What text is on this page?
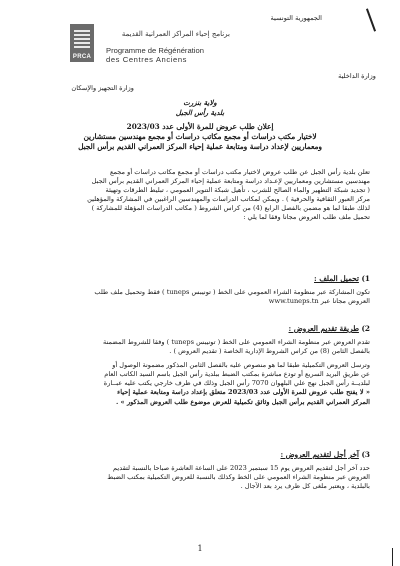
الجمهورية التونسية
PRCA
برنامج إحياء المراكز العمرانية القديمة
Programme de Régénération
des Centres Anciens
وزارة الداخلية
وزارة التجهيز والإسكان
ولاية بنزرت
بلدية رأس الجبل
إعلان طلب عروض للمرة الأولى عدد 2023/03
لاختيار مكتب دراسات أو مجمع مكاتب دراسات أو مجمع مهندسين مستشارين
ومعماريين لإعداد دراسة ومتابعة عملية إحياء المركز العمراني القديم برأس الجبل
تعلن بلدية رأس الجبل عن طلب عروض لاختيار مكتب دراسات أو مجمع مكاتب دراسات أو مجمع
مهندسين مستشارين ومعماريين لإعـداد دراسة ومتابعة عملية إحياء المركز العمراني القديم برأس الجبل
( تجديد شبكة التطهير والماء الصالح للشرب ، تأهيل شبكة التنوير العمومي ، تبليط الطرقات وتهيئة
مركز العبور الثقافية والحرفية ) . ويمكن لمكاتب الدراسات والمهندسين الراغبين في المشاركة والمؤهلين
لذلك طبقا لما هو مضمن بالفصل الرابع (4) من كراس الشروط ( مكاتب الدراسات المؤهلة للمشاركة )
تحميل ملف طلب العروض مجانا وفقا لما يلي :
1) تحميل الملف :
تكون المشاركة عبر منظومة الشراء العمومي على الخط ( تونيبس tuneps ) فقط وتحميل ملف طلب
العروض مجانا عبر www.tuneps.tn
2) طريقة تقديم العروض :
تقدم العروض عبر منظومة الشراء العمومي على الخط ( تونيبس tuneps ) وفقا للشروط المضمنة
بالفصل الثامن (8) من كراس الشروط الإدارية الخاصة ( تقديم العروض ) .
وترسل العروض التكميلية طبقا لما هو منصوص عليه بالفصل الثامن المذكور مضمونة الوصول أو
عن طريق البريد السريع أو تودع مباشرة بمكتب الضبط ببلدية رأس الجبل باسم السيد الكاتب العام
لبلديــة رأس الجبل نهج علي البلهوان 7070 رأس الجبل وذلك في ظرف خارجي يكتب عليه عبــارة
« لا يفتح طلب عروض للمرة الأولى عدد 2023/03 متعلق بإعداد دراسة ومتابعة عملية إحياء
المركز العمراني القديم برأس الجبل وثائق تكميلية للعرض موضوع طلب العروض المذكور » .
3) آخر أجل لتقديم العروض :
حدد آخر أجل لتقديم العروض يوم 15 سبتمبر 2023 على الساعة العاشرة صباحا بالنسبة لتقديم
العروض عبر منظومة الشراء العمومي على الخط وكذلك بالنسبة للعروض التكميلية بمكتب الضبط
بالبلدية ، ويعتبر ملغى كل ظرف يرد بعد الآجال .
1
